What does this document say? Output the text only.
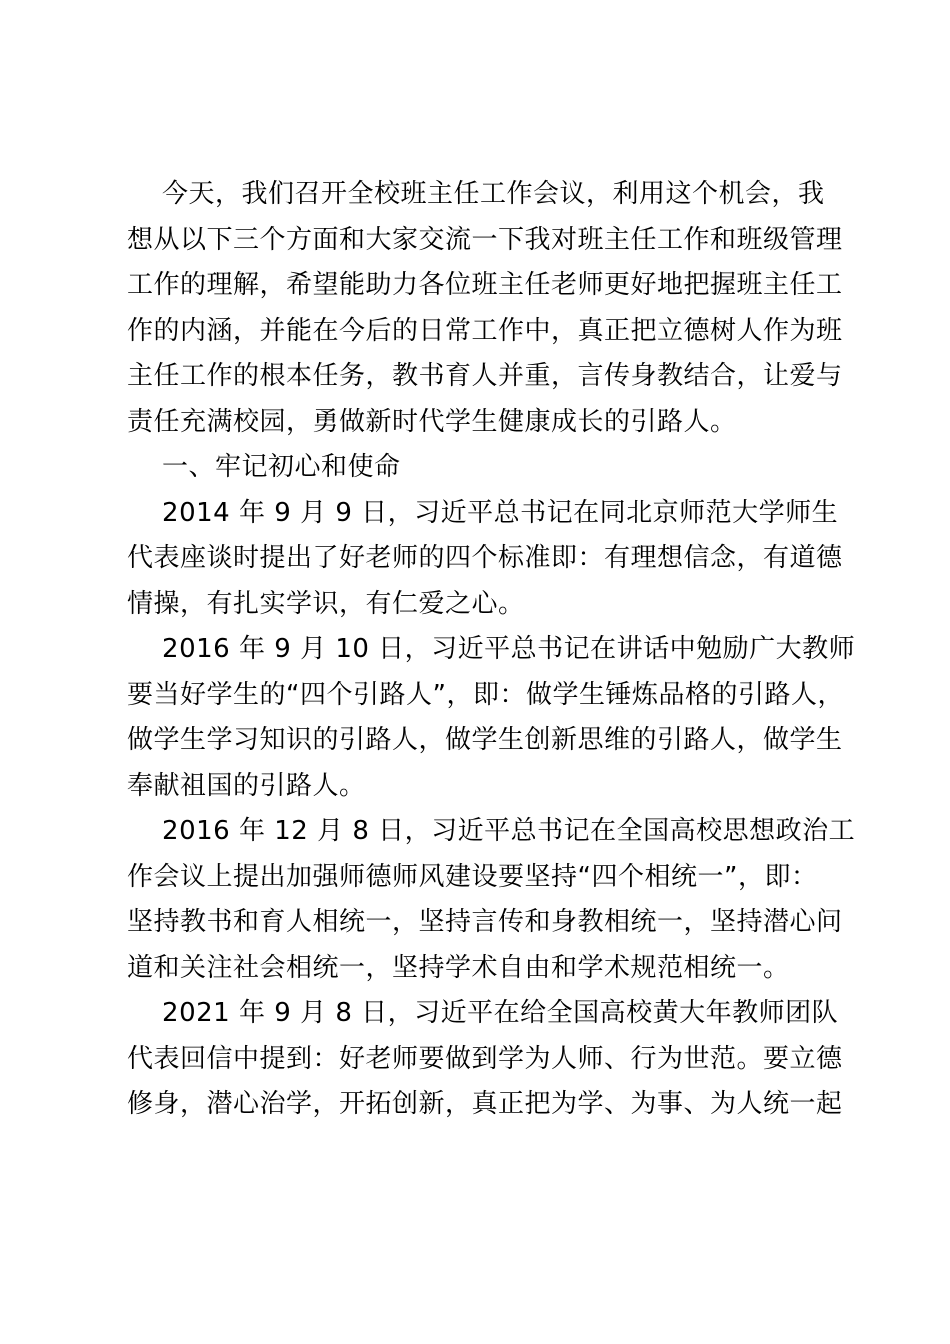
今天，我们召开全校班主任工作会议，利用这个机会，我
想从以下三个方面和大家交流一下我对班主任工作和班级管理
工作的理解，希望能助力各位班主任老师更好地把握班主任工
作的内涵，并能在今后的日常工作中，真正把立德树人作为班
主任工作的根本任务，教书育人并重，言传身教结合，让爱与
责任充满校园，勇做新时代学生健康成长的引路人。
一、牢记初心和使命
2014 年 9 月 9 日，习近平总书记在同北京师范大学师生
代表座谈时提出了好老师的四个标准即：有理想信念，有道德
情操，有扎实学识，有仁爱之心。
2016 年 9 月 10 日，习近平总书记在讲话中勉励广大教师
要当好学生的“四个引路人”，即：做学生锤炼品格的引路人，
做学生学习知识的引路人，做学生创新思维的引路人，做学生
奉献祖国的引路人。
2016 年 12 月 8 日，习近平总书记在全国高校思想政治工
作会议上提出加强师德师风建设要坚持“四个相统一”，即：
坚持教书和育人相统一，坚持言传和身教相统一，坚持潜心问
道和关注社会相统一，坚持学术自由和学术规范相统一。
2021 年 9 月 8 日，习近平在给全国高校黄大年教师团队
代表回信中提到：好老师要做到学为人师、行为世范。要立德
修身，潜心治学，开拓创新，真正把为学、为事、为人统一起
